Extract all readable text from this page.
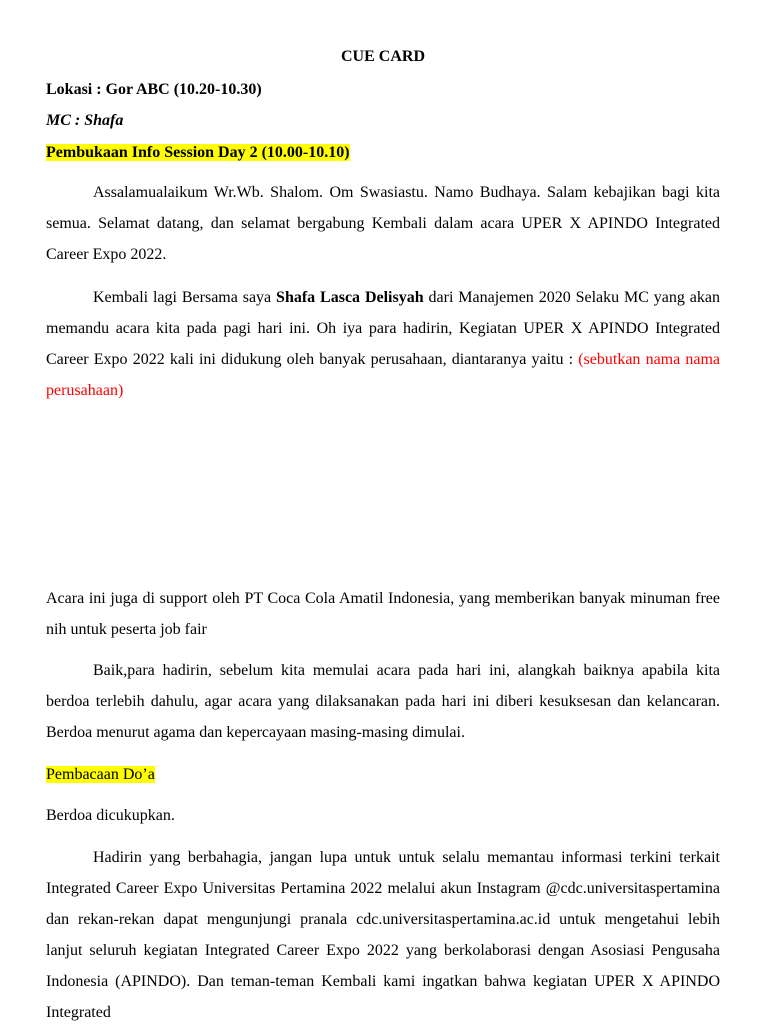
CUE CARD
Lokasi : Gor ABC (10.20-10.30)
MC : Shafa
Pembukaan Info Session Day 2 (10.00-10.10)
Assalamualaikum Wr.Wb. Shalom. Om Swasiastu. Namo Budhaya. Salam kebajikan bagi kita semua. Selamat datang, dan selamat bergabung Kembali dalam acara UPER X APINDO Integrated Career Expo 2022.
Kembali lagi Bersama saya Shafa Lasca Delisyah dari Manajemen 2020 Selaku MC yang akan memandu acara kita pada pagi hari ini. Oh iya para hadirin, Kegiatan UPER X APINDO Integrated Career Expo 2022 kali ini didukung oleh banyak perusahaan, diantaranya yaitu : (sebutkan nama nama perusahaan)
Acara ini juga di support oleh PT Coca Cola Amatil Indonesia, yang memberikan banyak minuman free nih untuk peserta job fair
Baik,para hadirin, sebelum kita memulai acara pada hari ini, alangkah baiknya apabila kita berdoa terlebih dahulu, agar acara yang dilaksanakan pada hari ini diberi kesuksesan dan kelancaran. Berdoa menurut agama dan kepercayaan masing-masing dimulai.
Pembacaan Do’a
Berdoa dicukupkan.
Hadirin yang berbahagia, jangan lupa untuk untuk selalu memantau informasi terkini terkait Integrated Career Expo Universitas Pertamina 2022 melalui akun Instagram @cdc.universitaspertamina dan rekan-rekan dapat mengunjungi pranala cdc.universitaspertamina.ac.id untuk mengetahui lebih lanjut seluruh kegiatan Integrated Career Expo 2022 yang berkolaborasi dengan Asosiasi Pengusaha Indonesia (APINDO). Dan teman-teman Kembali kami ingatkan bahwa kegiatan UPER X APINDO Integrated
